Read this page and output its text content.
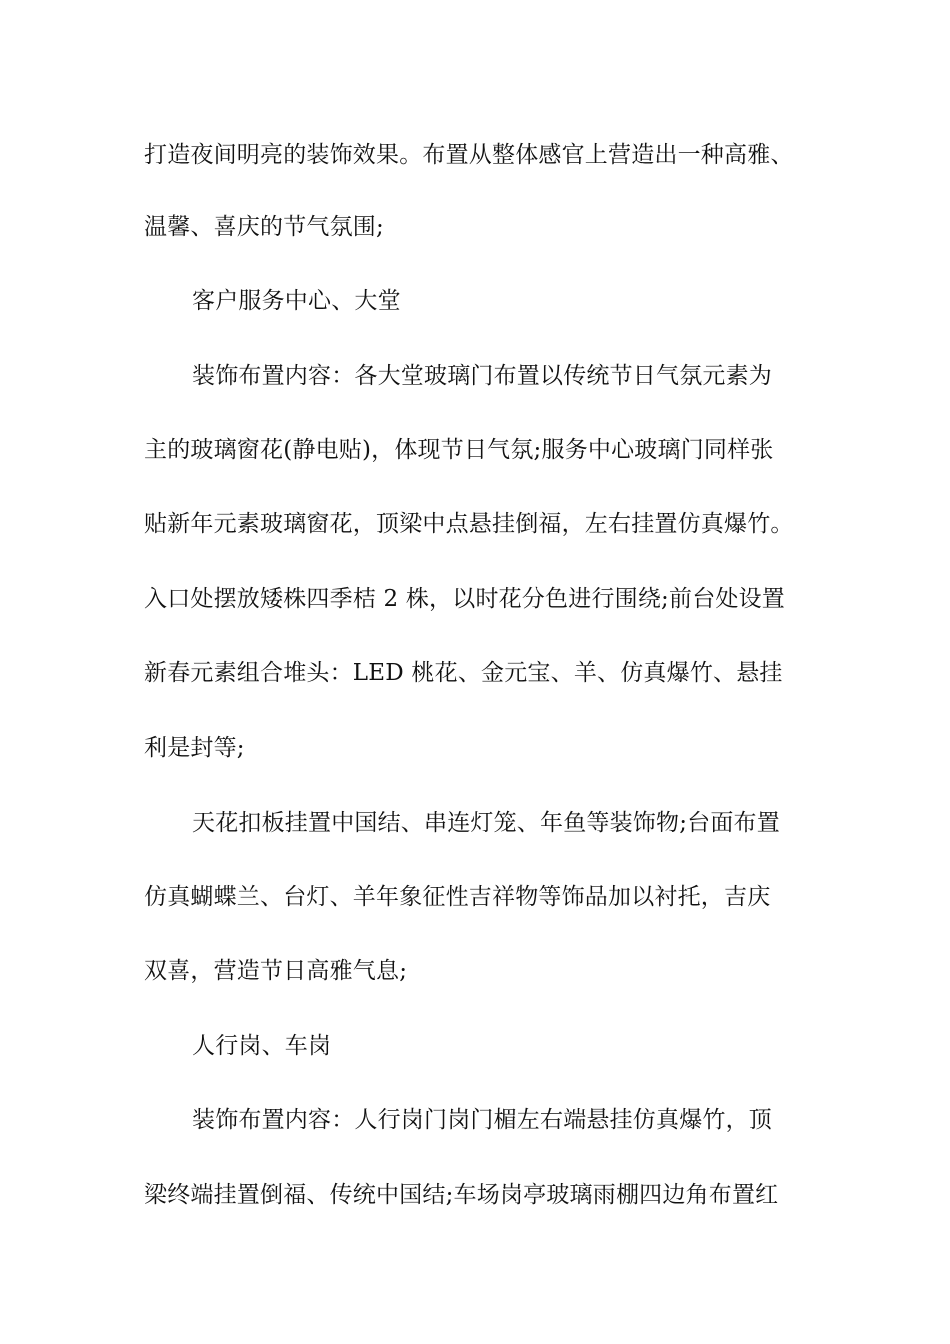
打造夜间明亮的装饰效果。布置从整体感官上营造出一种高雅、
温馨、喜庆的节气氛围;
客户服务中心、大堂
装饰布置内容：各大堂玻璃门布置以传统节日气氛元素为
主的玻璃窗花(静电贴)，体现节日气氛;服务中心玻璃门同样张
贴新年元素玻璃窗花，顶梁中点悬挂倒福，左右挂置仿真爆竹。
入口处摆放矮株四季桔 2 株，以时花分色进行围绕;前台处设置
新春元素组合堆头：LED 桃花、金元宝、羊、仿真爆竹、悬挂
利是封等;
天花扣板挂置中国结、串连灯笼、年鱼等装饰物;台面布置
仿真蝴蝶兰、台灯、羊年象征性吉祥物等饰品加以衬托，吉庆
双喜，营造节日高雅气息;
人行岗、车岗
装饰布置内容：人行岗门岗门楣左右端悬挂仿真爆竹，顶
梁终端挂置倒福、传统中国结;车场岗亭玻璃雨棚四边角布置红
